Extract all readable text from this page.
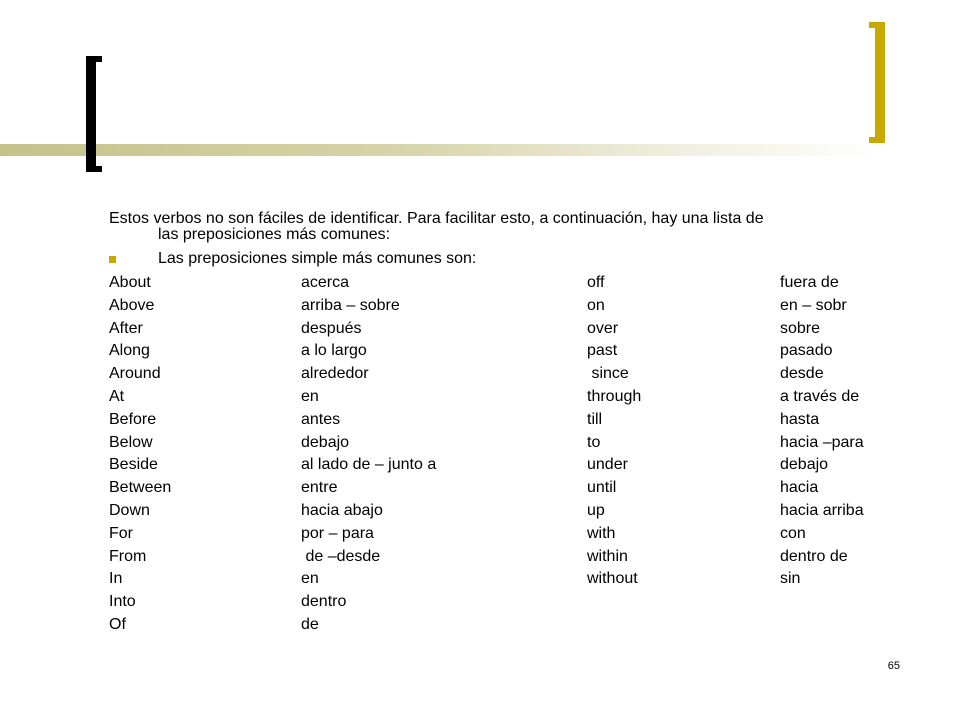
Estos verbos no son fáciles de identificar. Para facilitar esto, a continuación, hay una lista de
las preposiciones más comunes:
Las preposiciones simple más comunes son:
About	acerca	off	fuera de
Above	arriba – sobre	on	en – sobr
After	después	over	sobre
Along	a lo largo	past	pasado
Around	alrededor	since	desde
At	en	through	a través de
Before	antes	till	hasta
Below	debajo	to	hacia –para
Beside	al lado de – junto a	under	debajo
Between	entre	until	hacia
Down	hacia abajo	up	hacia arriba
For	por – para	with	con
From	de –desde	within	dentro de
In	en	without	sin
Into	dentro		
Of	de		
65
